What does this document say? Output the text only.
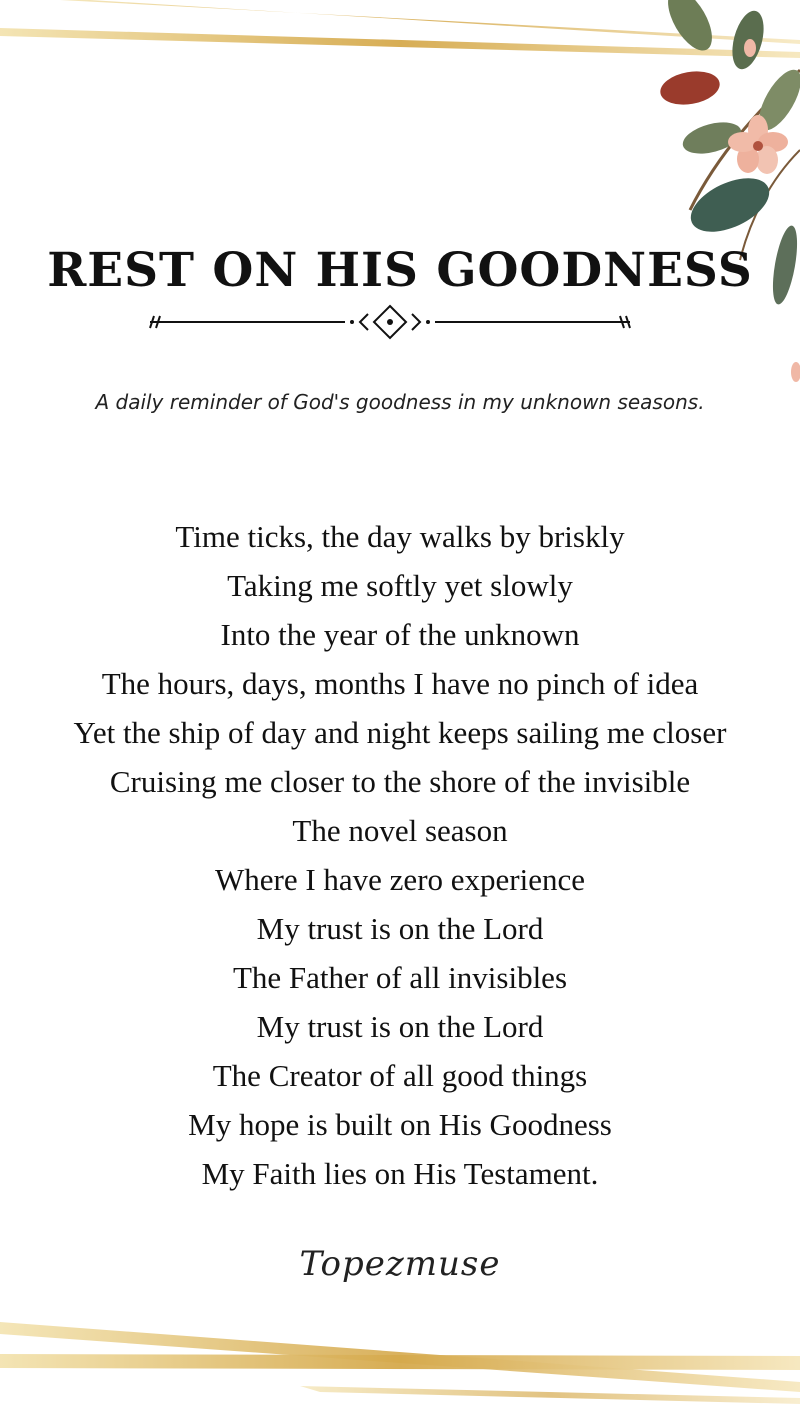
REST ON HIS GOODNESS
A daily reminder of God's goodness in my unknown seasons.
Time ticks, the day walks by briskly
Taking me softly yet slowly
Into the year of the unknown
The hours, days, months I have no pinch of idea
Yet the ship of day and night keeps sailing me closer
Cruising me closer to the shore of the invisible
The novel season
Where I have zero experience
My trust is on the Lord
The Father of all invisibles
My trust is on the Lord
The Creator of all good things
My hope is built on His Goodness
My Faith lies on His Testament.
Topezmuse
